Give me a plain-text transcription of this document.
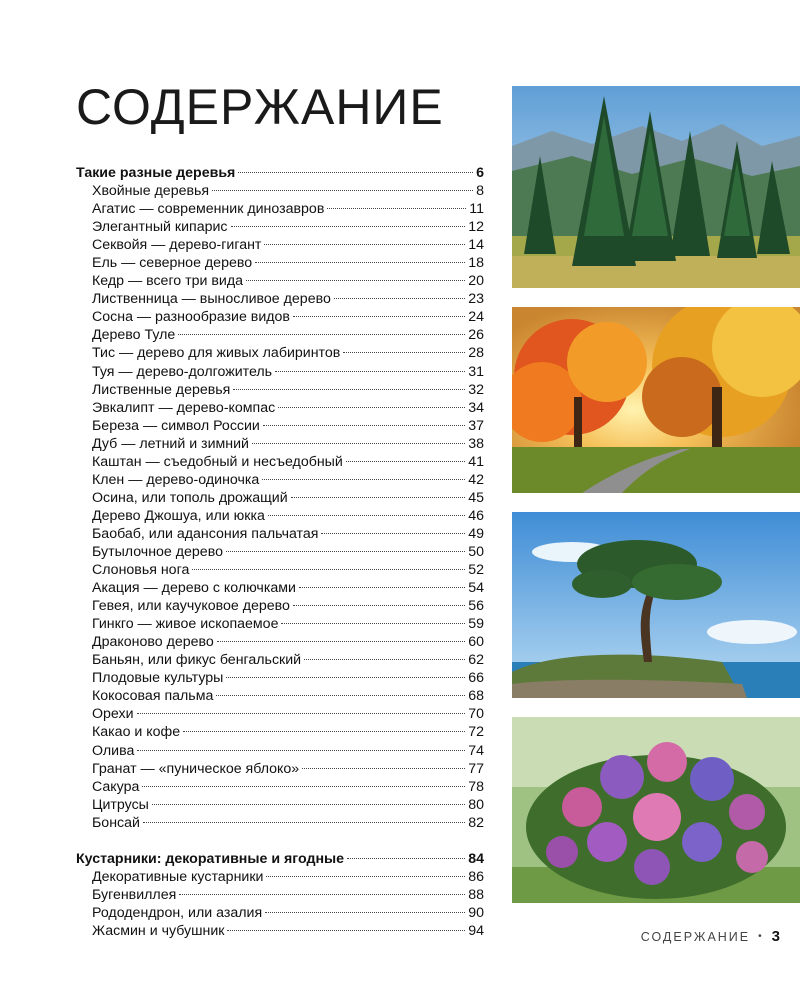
СОДЕРЖАНИЕ
Такие разные деревья	6
Хвойные деревья	8
Агатис — современник динозавров	11
Элегантный кипарис	12
Секвойя — дерево-гигант	14
Ель — северное дерево	18
Кедр — всего три вида	20
Лиственница — выносливое дерево	23
Сосна — разнообразие видов	24
Дерево Туле	26
Тис — дерево для живых лабиринтов	28
Туя — дерево-долгожитель	31
Лиственные деревья	32
Эвкалипт — дерево-компас	34
Береза — символ России	37
Дуб — летний и зимний	38
Каштан — съедобный и несъедобный	41
Клен — дерево-одиночка	42
Осина, или тополь дрожащий	45
Дерево Джошуа, или юкка	46
Баобаб, или адансония пальчатая	49
Бутылочное дерево	50
Слоновья нога	52
Акация — дерево с колючками	54
Гевея, или каучуковое дерево	56
Гинкго — живое ископаемое	59
Драконово дерево	60
Баньян, или фикус бенгальский	62
Плодовые культуры	66
Кокосовая пальма	68
Орехи	70
Какао и кофе	72
Олива	74
Гранат — «пуническое яблоко»	77
Сакура	78
Цитрусы	80
Бонсай	82
Кустарники: декоративные и ягодные	84
Декоративные кустарники	86
Бугенвиллея	88
Рододендрон, или азалия	90
Жасмин и чубушник	94	СОДЕРЖАНИЕ • 3
